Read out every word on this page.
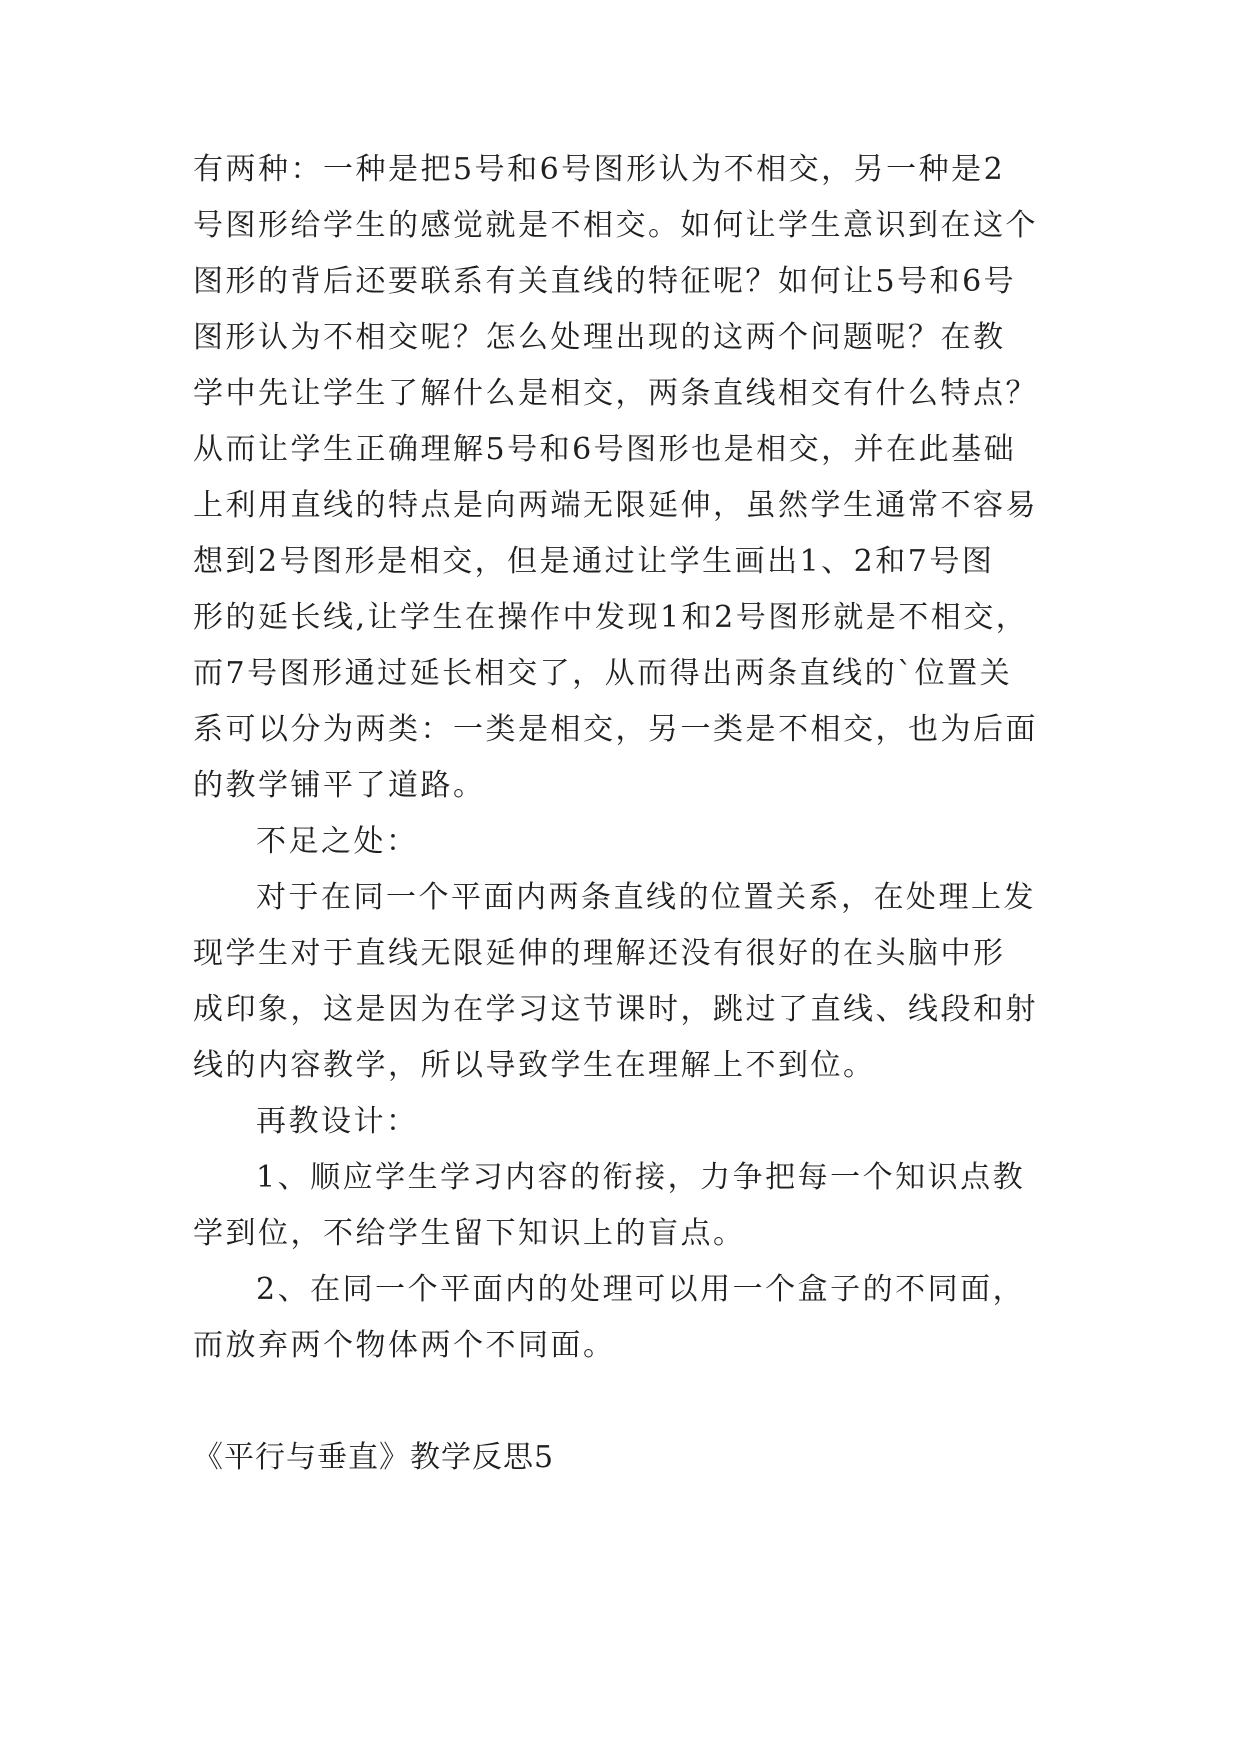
有两种：一种是把5号和6号图形认为不相交，另一种是2
号图形给学生的感觉就是不相交。如何让学生意识到在这个
图形的背后还要联系有关直线的特征呢？如何让5号和6号
图形认为不相交呢？怎么处理出现的这两个问题呢？在教
学中先让学生了解什么是相交，两条直线相交有什么特点？
从而让学生正确理解5号和6号图形也是相交，并在此基础
上利用直线的特点是向两端无限延伸，虽然学生通常不容易
想到2号图形是相交，但是通过让学生画出1、2和7号图
形的延长线,让学生在操作中发现1和2号图形就是不相交，
而7号图形通过延长相交了，从而得出两条直线的`位置关
系可以分为两类：一类是相交，另一类是不相交，也为后面
的教学铺平了道路。
不足之处：
对于在同一个平面内两条直线的位置关系，在处理上发
现学生对于直线无限延伸的理解还没有很好的在头脑中形
成印象，这是因为在学习这节课时，跳过了直线、线段和射
线的内容教学，所以导致学生在理解上不到位。
再教设计：
1、顺应学生学习内容的衔接，力争把每一个知识点教
学到位，不给学生留下知识上的盲点。
2、在同一个平面内的处理可以用一个盒子的不同面，
而放弃两个物体两个不同面。
《平行与垂直》教学反思5
